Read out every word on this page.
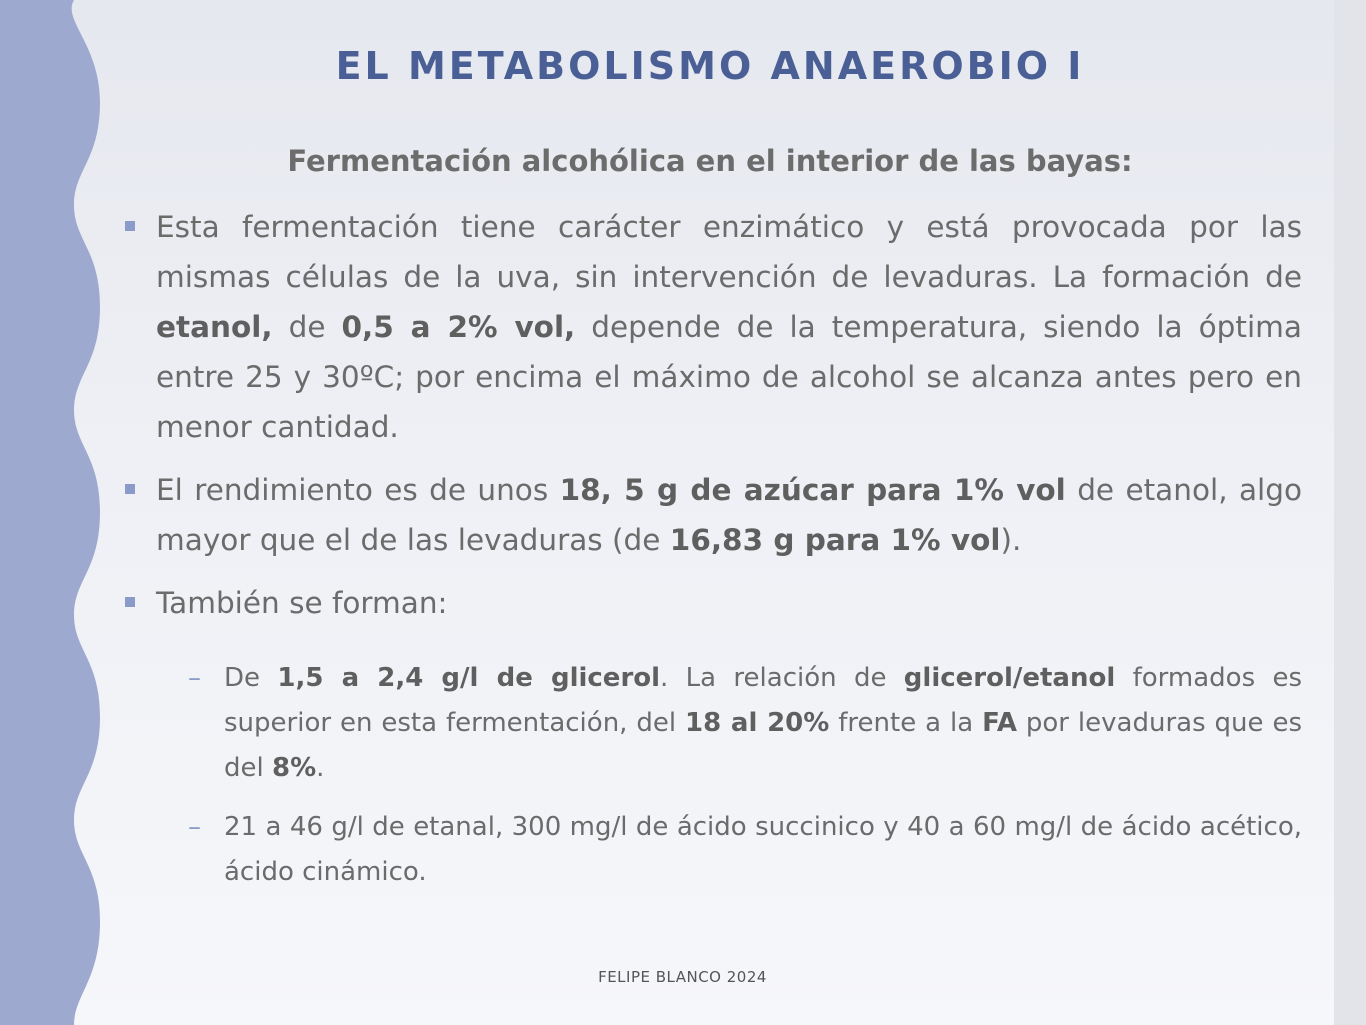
EL METABOLISMO ANAEROBIO I

Fermentación alcohólica en el interior de las bayas:

Esta fermentación tiene carácter enzimático y está provocada por las mismas células de la uva, sin intervención de levaduras. La formación de etanol, de 0,5 a 2% vol, depende de la temperatura, siendo la óptima entre 25 y 30ºC; por encima el máximo de alcohol se alcanza antes pero en menor cantidad.
El rendimiento es de unos 18, 5 g de azúcar para 1% vol de etanol, algo mayor que el de las levaduras (de 16,83 g para 1% vol).
También se forman:
– De 1,5 a 2,4 g/l de glicerol. La relación de glicerol/etanol formados es superior en esta fermentación, del 18 al 20% frente a la FA por levaduras que es del 8%.
– 21 a 46 g/l de etanal, 300 mg/l de ácido succinico y 40 a 60 mg/l de ácido acético, ácido cinámico.
FELIPE BLANCO 2024
